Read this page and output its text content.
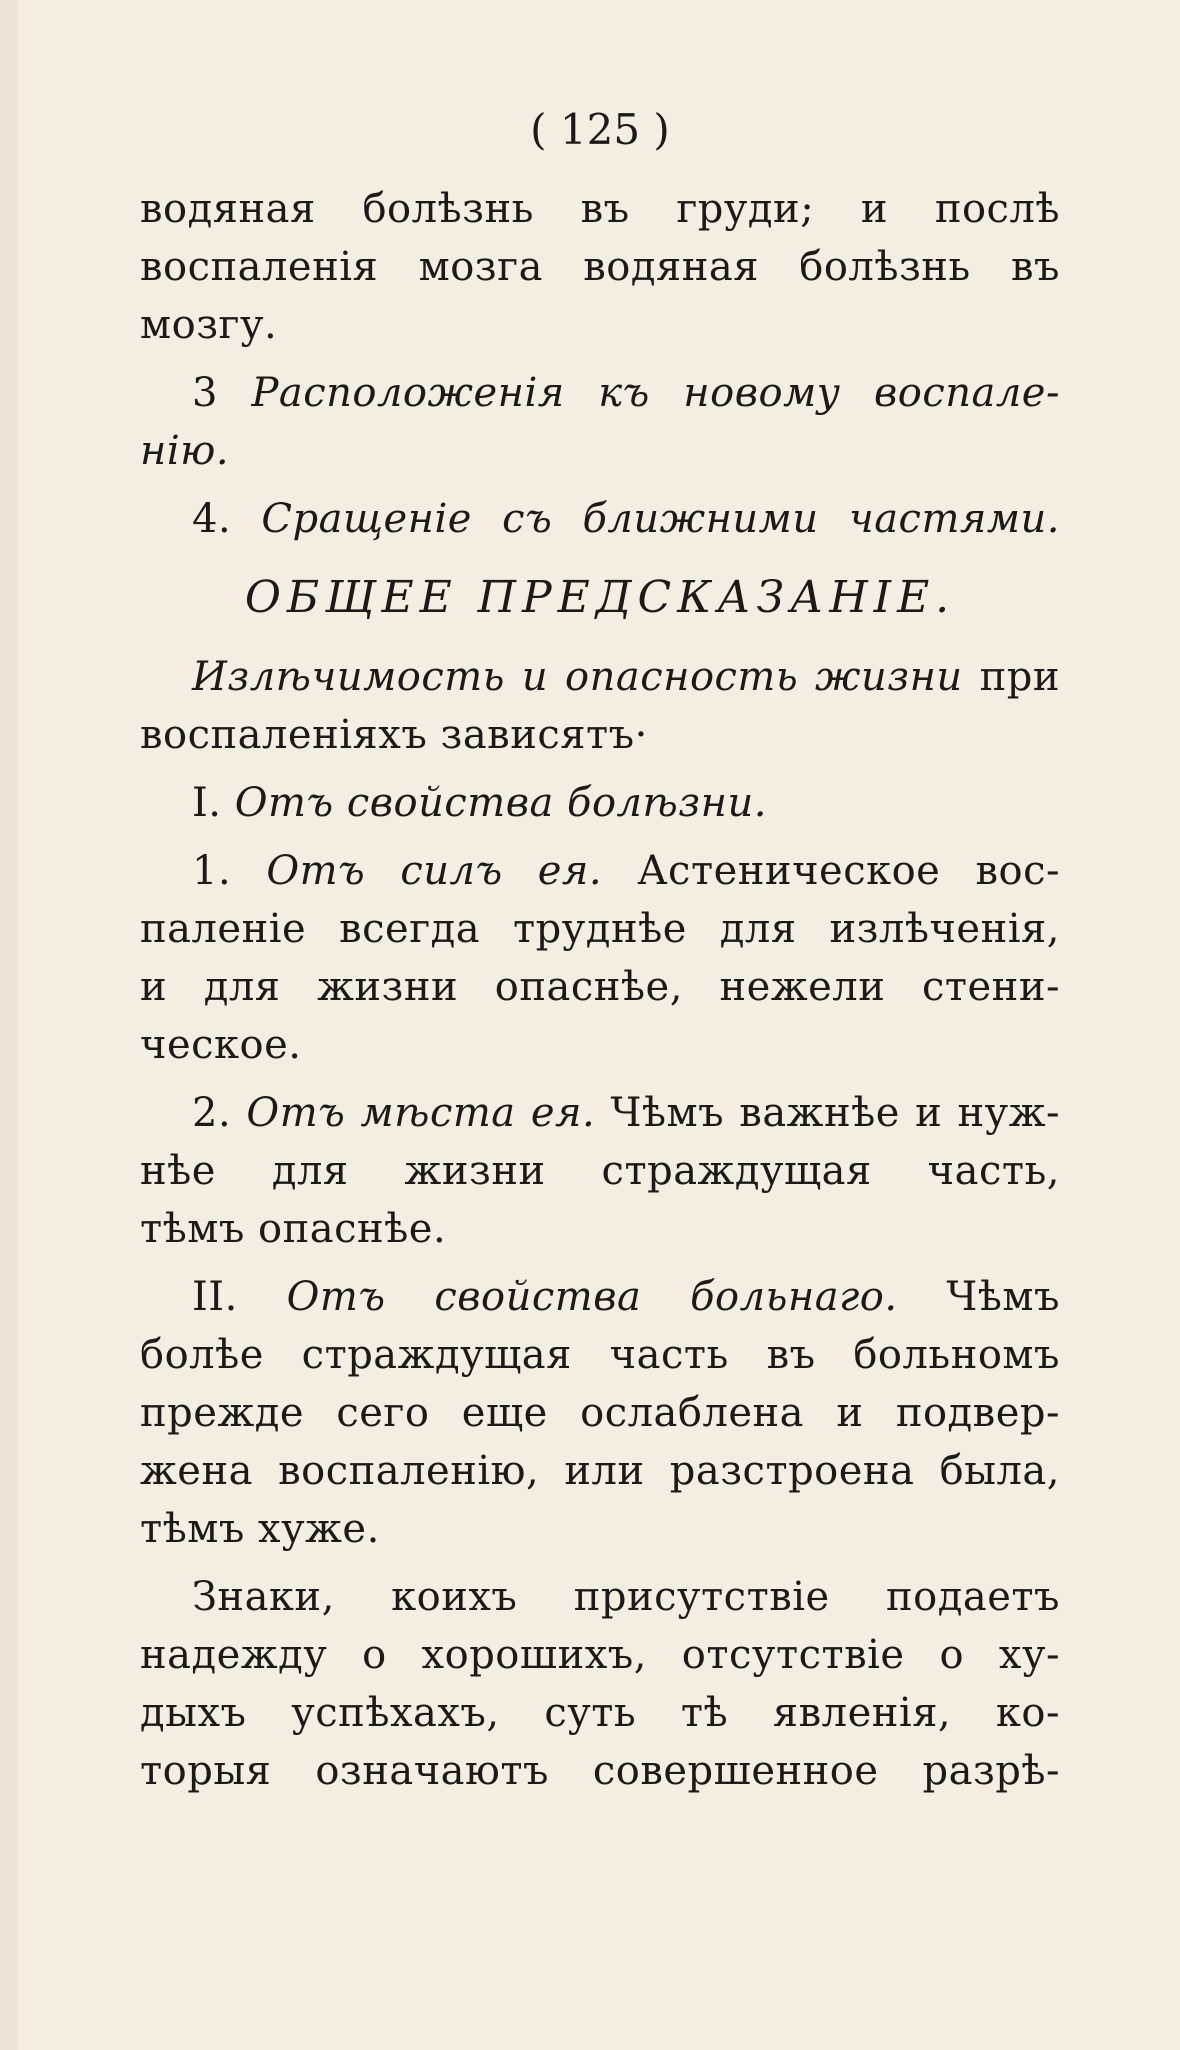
( 125 )
водяная болѣзнь въ груди; и послѣ
воспаленія мозга водяная болѣзнь въ
мозгу.
3 Расположенія къ новому воспале-
нію.
4. Сращеніе съ ближними частями.
ОБЩЕЕ ПРЕДСКАЗАНІЕ.
Излѣчимость и опасность жизни при
воспаленіяхъ зависятъ·
I. Отъ свойства болѣзни.
1. Отъ силъ ея. Астеническое вос-
паленіе всегда труднѣе для излѣченія,
и для жизни опаснѣе, нежели стени-
ческое.
2. Отъ мѣста ея. Чѣмъ важнѣе и нуж-
нѣе для жизни страждущая часть,
тѣмъ опаснѣе.
II. Отъ свойства больнаго. Чѣмъ
болѣе страждущая часть въ больномъ
прежде сего еще ослаблена и подвер-
жена воспаленію, или разстроена была,
тѣмъ хуже.
Знаки, коихъ присутствіе подаетъ
надежду о хорошихъ, отсутствіе о ху-
дыхъ успѣхахъ, суть тѣ явленія, ко-
торыя означаютъ совершенное разрѣ-
